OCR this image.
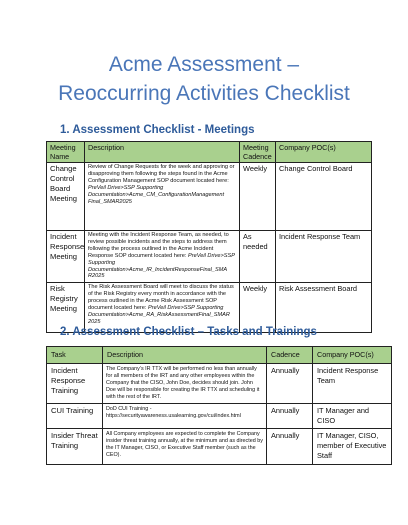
Acme Assessment –
Reoccurring Activities Checklist
1. Assessment Checklist - Meetings
Meeting Name	Description	Meeting Cadence	Company POC(s)
Change Control Board Meeting	Review of Change Requests for the week and approving or disapproving them following the steps found in the Acme Configuration Management SOP document located here: PreVeil Drive>SSP Supporting Documentation>Acme_CM_ConfigurationManagement Final_SMAR2025	Weekly	Change Control Board
Incident Response Meeting	Meeting with the Incident Response Team, as needed, to review possible incidents and the steps to address them following the process outlined in the Acme Incident Response SOP document located here: PreVeil Drive>SSP Supporting Documentation>Acme_IR_IncidentResponseFinal_SMA R2025	As needed	Incident Response Team
Risk Registry Meeting	The Risk Assessment Board will meet to discuss the status of the Risk Registry every month in accordance with the process outlined in the Acme Risk Assessment SOP document located here: PreVeil Drive>SSP Supporting Documentation>Acme_RA_RiskAssessmentFinal_SMAR 2025	Weekly	Risk Assessment Board
2. Assessment Checklist – Tasks and Trainings
Task	Description	Cadence	Company POC(s)
Incident Response Training	The Company’s IR TTX will be performed no less than annually for all members of the IRT and any other employees within the Company that the CISO, John Doe, decides should join. John Doe will be responsible for creating the IR TTX and scheduling it with the rest of the IRT.	Annually	Incident Response Team
CUI Training	DoD CUI Training - https://securityawareness.usalearning.gov/cui/index.html	Annually	IT Manager and CISO
Insider Threat Training	All Company employees are expected to complete the Company insider threat training annually, at the minimum and as directed by the IT Manager, CISO, or Executive Staff member (such as the CEO).	Annually	IT Manager, CISO, member of Executive Staff
